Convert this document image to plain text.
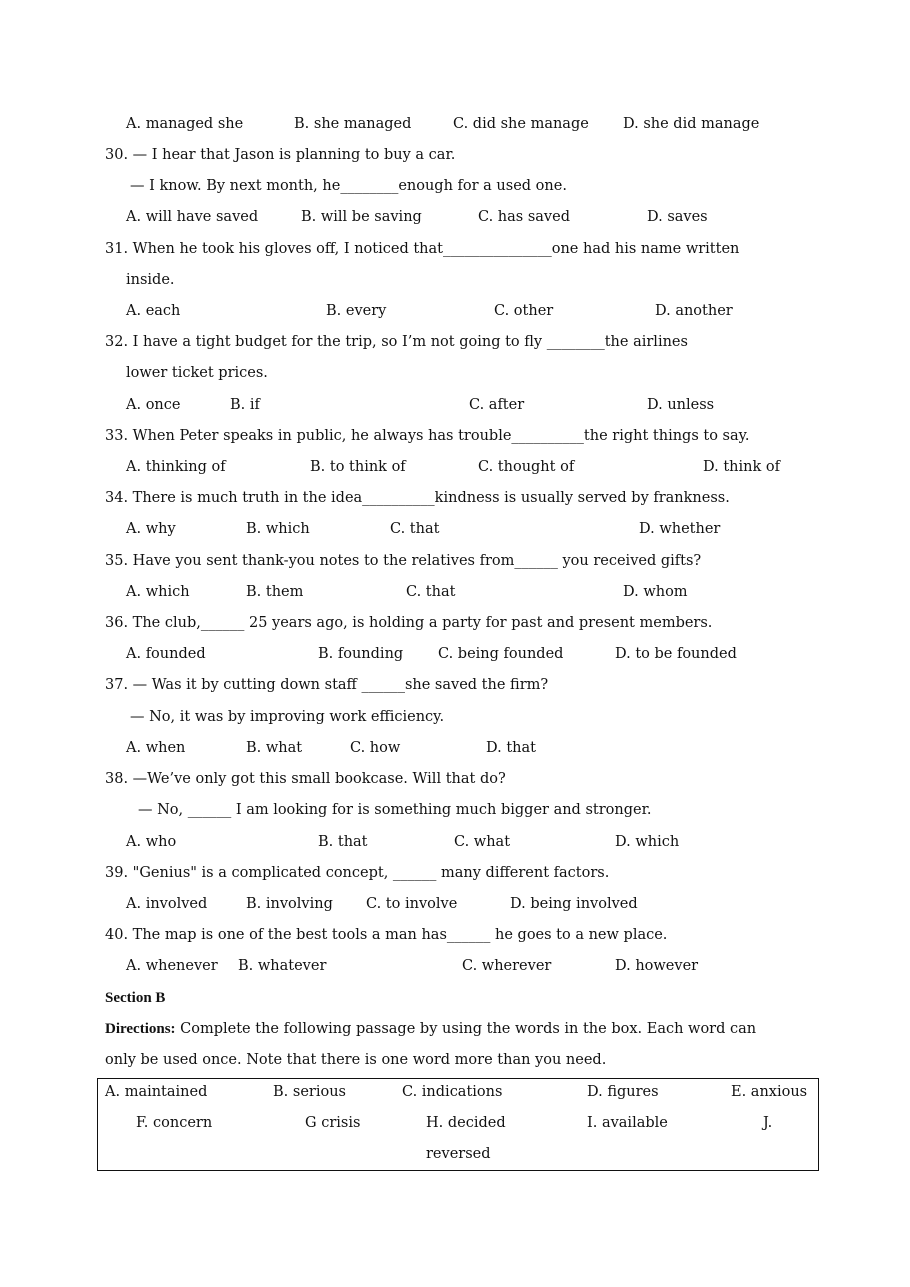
A. managed she	B. she managed	C. did she manage D. she did manage
30. — I hear that Jason is planning to buy a car.
— I know. By next month, he________enough for a used one.
A. will have saved	B. will be saving	C. has saved	D. saves
31. When he took his gloves off, I noticed that_______________one had his name written
inside.
A. each	B. every	C. other	D. another
32. I have a tight budget for the trip, so I’m not going to fly ________the airlines
lower ticket prices.
A. once	B. if	C. after	D. unless
33. When Peter speaks in public, he always has trouble__________the right things to say.
A. thinking of	B. to think of	C. thought of	D. think of
34. There is much truth in the idea__________kindness is usually served by frankness.
A. why	B. which	C. that	D. whether
35. Have you sent thank-you notes to the relatives from______ you received gifts?
A. which	B. them	C. that	D. whom
36. The club,______ 25 years ago, is holding a party for past and present members.
A. founded	B. founding C. being founded	D. to be founded
37. — Was it by cutting down staff ______she saved the firm?
— No, it was by improving work efficiency.
A. when	B. what	C. how	D. that
38. —We’ve only got this small bookcase. Will that do?
— No, ______ I am looking for is something much bigger and stronger.
A. who	B. that	C. what	D. which
39. "Genius" is a complicated concept, ______ many different factors.
A. involved	B. involving C. to involve	D. being involved
40. The map is one of the best tools a man has______ he goes to a new place.
A. whenever B. whatever	C. wherever	D. however
Section B
Directions: Complete the following passage by using the words in the box. Each word can
only be used once. Note that there is one word more than you need.
A. maintained	B. serious	C. indications	D. figures	E. anxious
F. concern	G crisis	H. decided	I. available	J.
reversed
